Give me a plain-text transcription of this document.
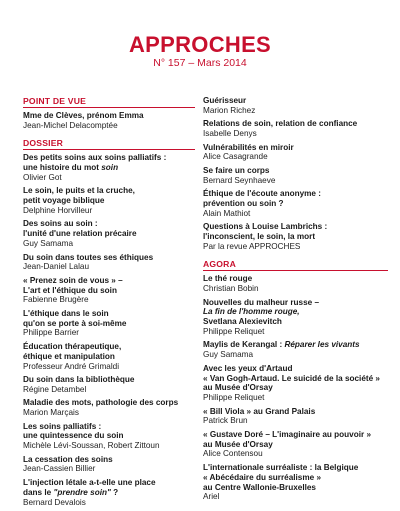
APPROCHES
N° 157 – Mars 2014
POINT DE VUE
Mme de Clèves, prénom Emma
Jean-Michel Delacomptée
DOSSIER
Des petits soins aux soins palliatifs :
une histoire du mot soin
Olivier Got
Le soin, le puits et la cruche,
petit voyage biblique
Delphine Horvilleur
Des soins au soin :
l'unité d'une relation précaire
Guy Samama
Du soin dans toutes ses éthiques
Jean-Daniel Lalau
« Prenez soin de vous » –
L'art et l'éthique du soin
Fabienne Brugère
L'éthique dans le soin
qu'on se porte à soi-même
Philippe Barrier
Éducation thérapeutique,
éthique et manipulation
Professeur André Grimaldi
Du soin dans la bibliothèque
Régine Detambel
Maladie des mots, pathologie des corps
Marion Marçais
Les soins palliatifs :
une quintessence du soin
Michèle Lévi-Soussan, Robert Zittoun
La cessation des soins
Jean-Cassien Billier
L'injection létale a-t-elle une place
dans le "prendre soin" ?
Bernard Devalois
Guérisseur
Marion Richez
Relations de soin, relation de confiance
Isabelle Denys
Vulnérabilités en miroir
Alice Casagrande
Se faire un corps
Bernard Seynhaeve
Éthique de l'écoute anonyme :
prévention ou soin ?
Alain Mathiot
Questions à Louise Lambrichs :
l'inconscient, le soin, la mort
Par la revue APPROCHES
AGORA
Le thé rouge
Christian Bobin
Nouvelles du malheur russe –
La fin de l'homme rouge,
Svetlana Alexievitch
Philippe Reliquet
Maylis de Kerangal : Réparer les vivants
Guy Samama
Avec les yeux d'Artaud
« Van Gogh-Artaud. Le suicidé de la société »
au Musée d'Orsay
Philippe Reliquet
« Bill Viola » au Grand Palais
Patrick Brun
« Gustave Doré – L'imaginaire au pouvoir »
au Musée d'Orsay
Alice Contensou
L'internationale surréaliste : la Belgique
« Abécédaire du surréalisme »
au Centre Wallonie-Bruxelles
Ariel
